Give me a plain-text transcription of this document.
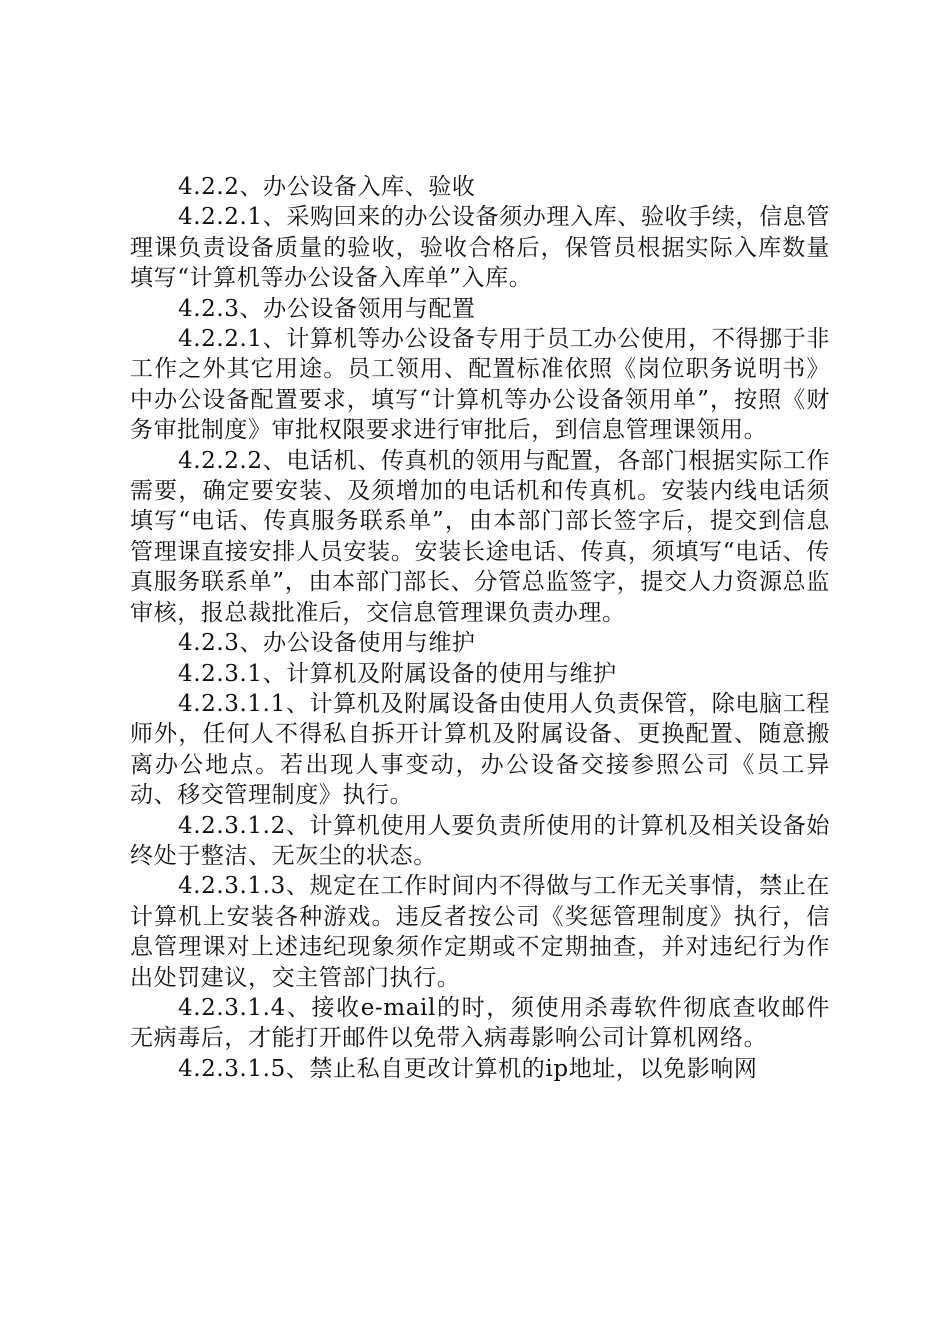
4.2.2、办公设备入库、验收

4.2.2.1、采购回来的办公设备须办理入库、验收手续，信息管理课负责设备质量的验收，验收合格后，保管员根据实际入库数量填写“计算机等办公设备入库单”入库。

4.2.3、办公设备领用与配置

4.2.2.1、计算机等办公设备专用于员工办公使用，不得挪于非工作之外其它用途。员工领用、配置标准依照《岗位职务说明书》中办公设备配置要求，填写“计算机等办公设备领用单”，按照《财务审批制度》审批权限要求进行审批后，到信息管理课领用。

4.2.2.2、电话机、传真机的领用与配置，各部门根据实际工作需要，确定要安装、及须增加的电话机和传真机。安装内线电话须填写“电话、传真服务联系单”，由本部门部长签字后，提交到信息管理课直接安排人员安装。安装长途电话、传真，须填写“电话、传真服务联系单”，由本部门部长、分管总监签字，提交人力资源总监审核，报总裁批准后，交信息管理课负责办理。

4.2.3、办公设备使用与维护

4.2.3.1、计算机及附属设备的使用与维护

4.2.3.1.1、计算机及附属设备由使用人负责保管，除电脑工程师外，任何人不得私自拆开计算机及附属设备、更换配置、随意搬离办公地点。若出现人事变动，办公设备交接参照公司《员工异动、移交管理制度》执行。

4.2.3.1.2、计算机使用人要负责所使用的计算机及相关设备始终处于整洁、无灰尘的状态。

4.2.3.1.3、规定在工作时间内不得做与工作无关事情，禁止在计算机上安装各种游戏。违反者按公司《奖惩管理制度》执行，信息管理课对上述违纪现象须作定期或不定期抽查，并对违纪行为作出处罚建议，交主管部门执行。

4.2.3.1.4、接收e-mail的时，须使用杀毒软件彻底查收邮件无病毒后，才能打开邮件以免带入病毒影响公司计算机网络。

4.2.3.1.5、禁止私自更改计算机的ip地址，以免影响网
